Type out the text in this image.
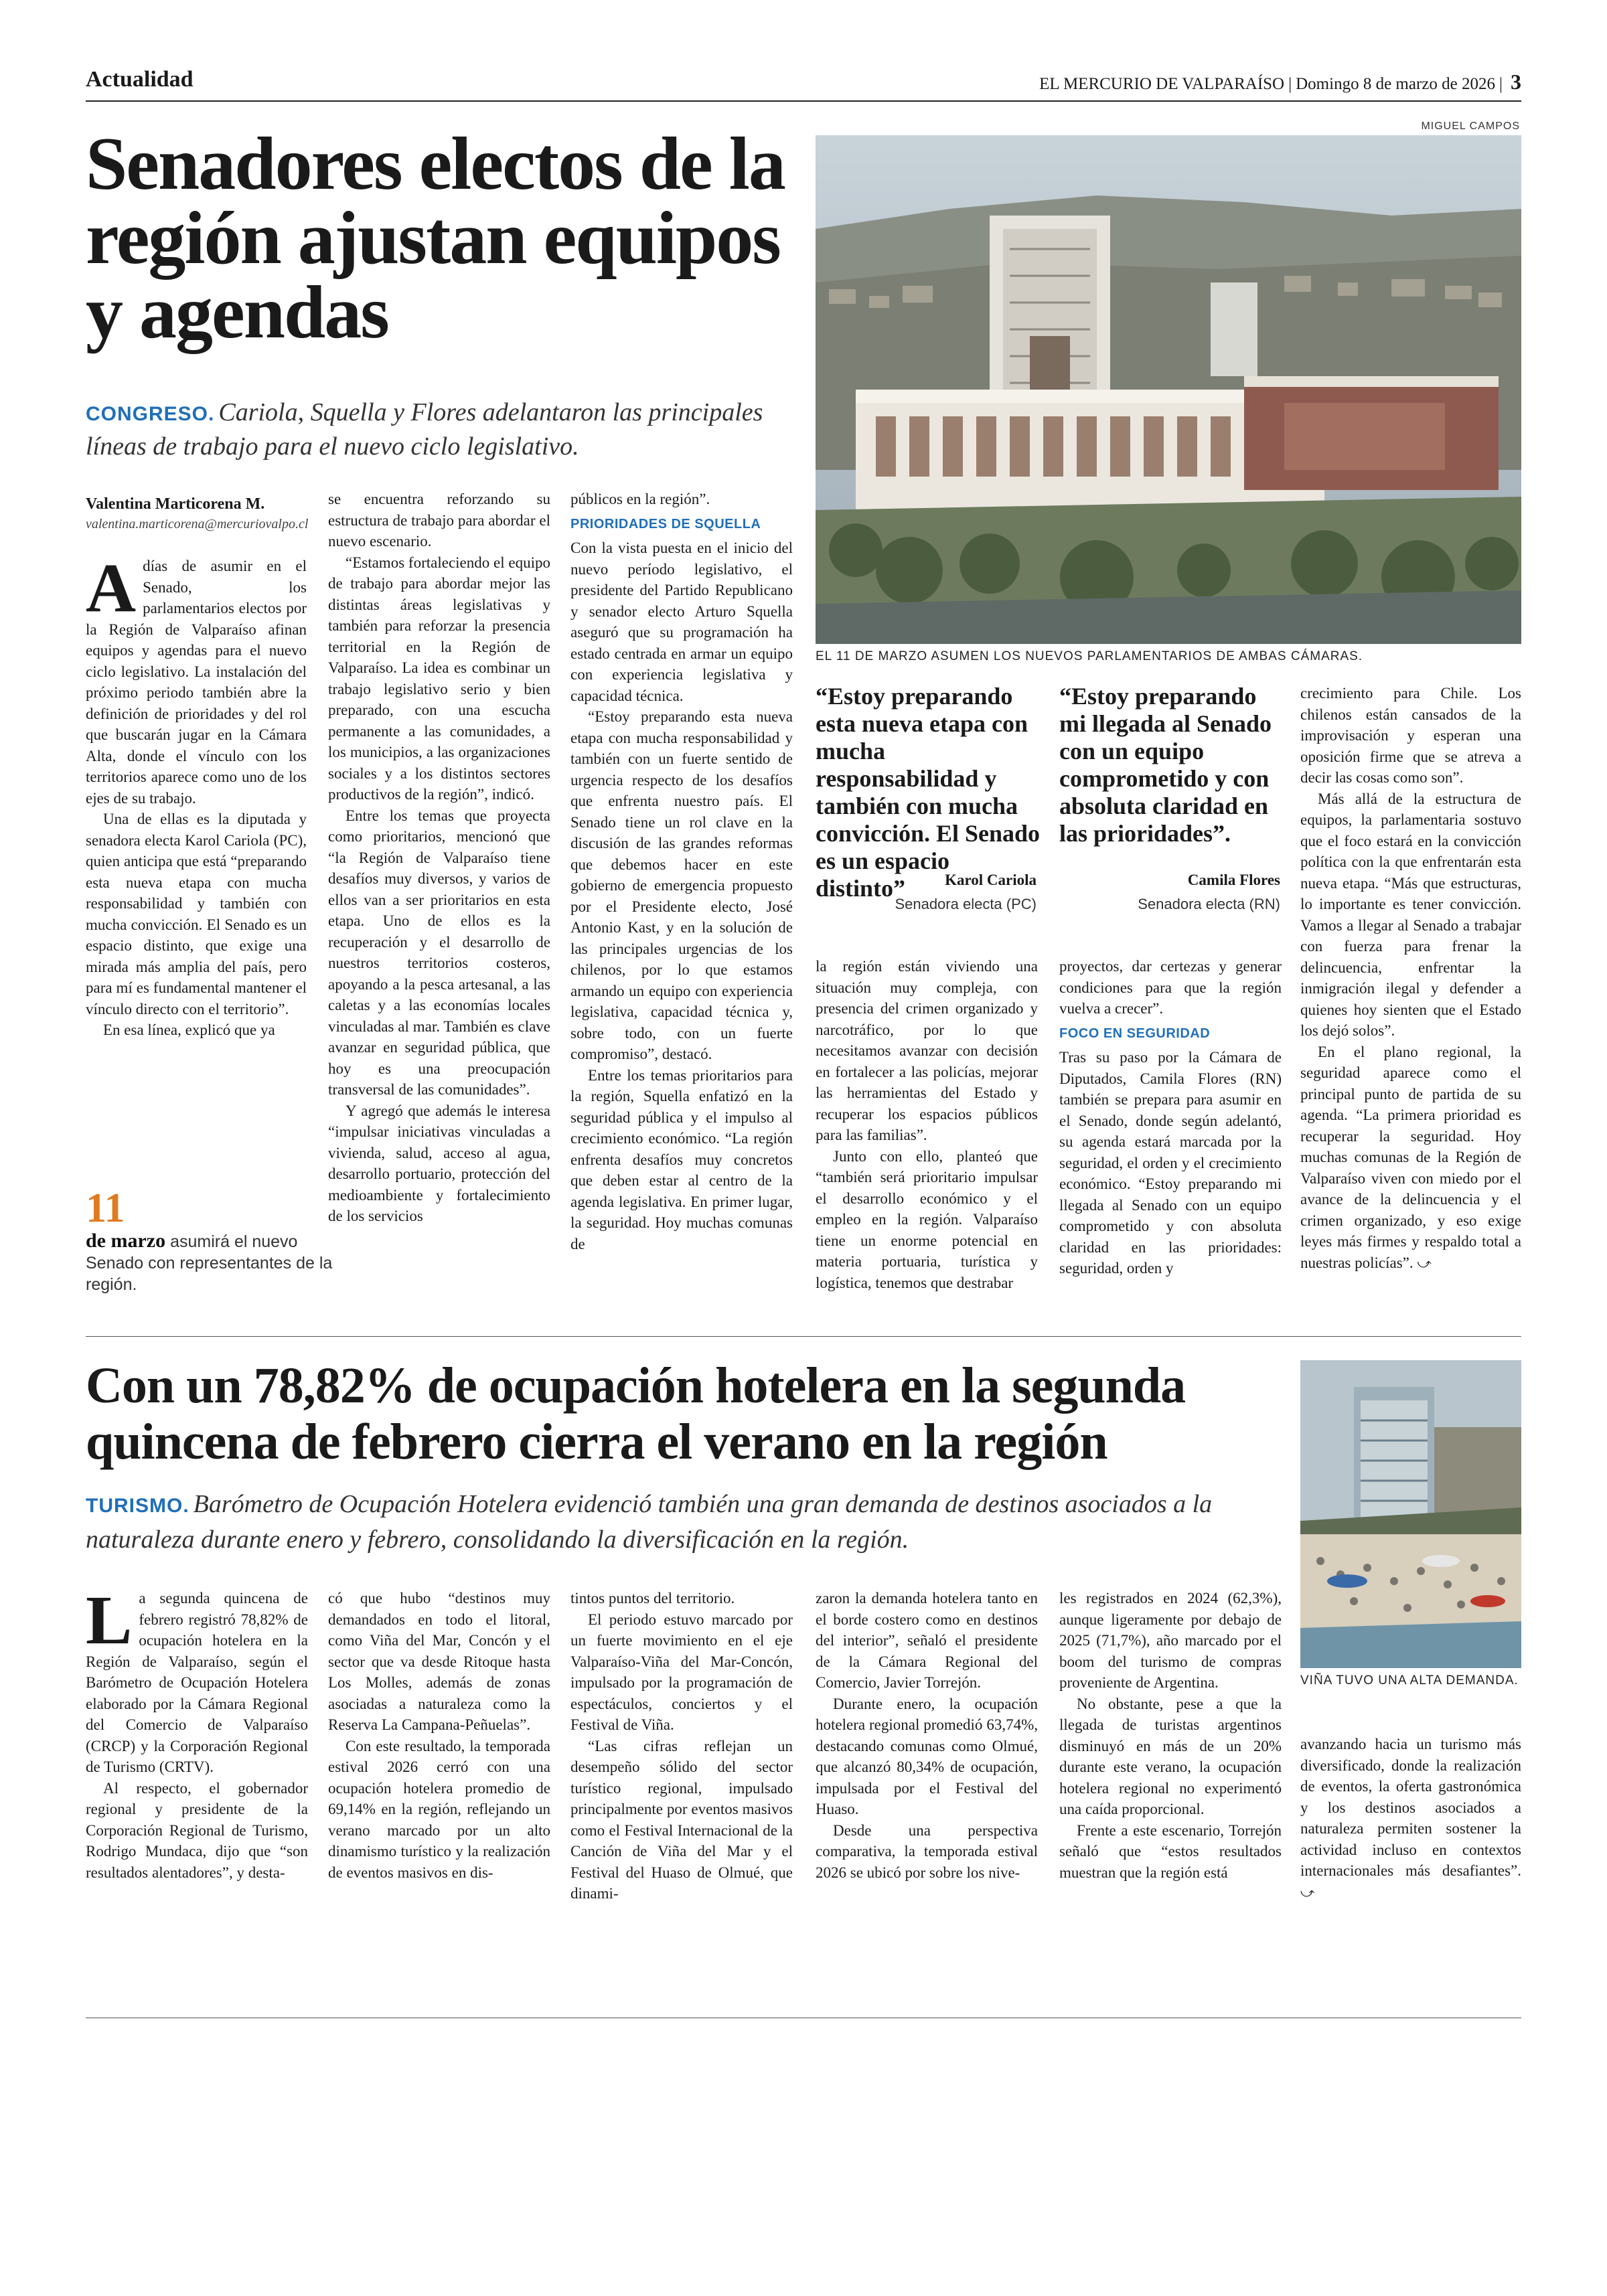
Actualidad	EL MERCURIO DE VALPARAÍSO | Domingo 8 de marzo de 2026 | 3
Senadores electos de la región ajustan equipos y agendas
CONGRESO. Cariola, Squella y Flores adelantaron las principales líneas de trabajo para el nuevo ciclo legislativo.
Valentina Marticorena M.
valentina.marticorena@mercuriovalpo.cl
MIGUEL CAMPOS
EL 11 DE MARZO ASUMEN LOS NUEVOS PARLAMENTARIOS DE AMBAS CÁMARAS.

Adías de asumir en el Senado, los parlamentarios electos por la Región de Valparaíso afinan equipos y agendas para el nuevo ciclo legislativo. La instalación del próximo periodo también abre la definición de prioridades y del rol que buscarán jugar en la Cámara Alta, donde el vínculo con los territorios aparece como uno de los ejes de su trabajo.

Una de ellas es la diputada y senadora electa Karol Cariola (PC), quien anticipa que está “preparando esta nueva etapa con mucha responsabilidad y también con mucha convicción. El Senado es un espacio distinto, que exige una mirada más amplia del país, pero para mí es fundamental mantener el vínculo directo con el territorio”.

En esa línea, explicó que ya

11
de marzo asumirá el nuevo Senado con representantes de la región.

se encuentra reforzando su estructura de trabajo para abordar el nuevo escenario.

“Estamos fortaleciendo el equipo de trabajo para abordar mejor las distintas áreas legislativas y también para reforzar la presencia territorial en la Región de Valparaíso. La idea es combinar un trabajo legislativo serio y bien preparado, con una escucha permanente a las comunidades, a los municipios, a las organizaciones sociales y a los distintos sectores productivos de la región”, indicó.

Entre los temas que proyecta como prioritarios, mencionó que “la Región de Valparaíso tiene desafíos muy diversos, y varios de ellos van a ser prioritarios en esta etapa. Uno de ellos es la recuperación y el desarrollo de nuestros territorios costeros, apoyando a la pesca artesanal, a las caletas y a las economías locales vinculadas al mar. También es clave avanzar en seguridad pública, que hoy es una preocupación transversal de las comunidades”.

Y agregó que además le interesa “impulsar iniciativas vinculadas a vivienda, salud, acceso al agua, desarrollo portuario, protección del medioambiente y fortalecimiento de los servicios

públicos en la región”.

PRIORIDADES DE SQUELLA

Con la vista puesta en el inicio del nuevo período legislativo, el presidente del Partido Republicano y senador electo Arturo Squella aseguró que su programación ha estado centrada en armar un equipo con experiencia legislativa y capacidad técnica.

“Estoy preparando esta nueva etapa con mucha responsabilidad y también con un fuerte sentido de urgencia respecto de los desafíos que enfrenta nuestro país. El Senado tiene un rol clave en la discusión de las grandes reformas que debemos hacer en este gobierno de emergencia propuesto por el Presidente electo, José Antonio Kast, y en la solución de las principales urgencias de los chilenos, por lo que estamos armando un equipo con experiencia legislativa, capacidad técnica y, sobre todo, con un fuerte compromiso”, destacó.

Entre los temas prioritarios para la región, Squella enfatizó en la seguridad pública y el impulso al crecimiento económico. “La región enfrenta desafíos muy concretos que deben estar al centro de la agenda legislativa. En primer lugar, la seguridad. Hoy muchas comunas de

“Estoy preparando esta nueva etapa con mucha responsabilidad y también con mucha convicción. El Senado es un espacio distinto”	Karol Cariola
Senadora electa (PC)
“Estoy preparando mi llegada al Senado con un equipo comprometido y con absoluta claridad en las prioridades”.
Camila Flores
Senadora electa (RN)

la región están viviendo una situación muy compleja, con presencia del crimen organizado y narcotráfico, por lo que necesitamos avanzar con decisión en fortalecer a las policías, mejorar las herramientas del Estado y recuperar los espacios públicos para las familias”.

Junto con ello, planteó que “también será prioritario impulsar el desarrollo económico y el empleo en la región. Valparaíso tiene un enorme potencial en materia portuaria, turística y logística, tenemos que destrabar

proyectos, dar certezas y generar condiciones para que la región vuelva a crecer”.

FOCO EN SEGURIDAD

Tras su paso por la Cámara de Diputados, Camila Flores (RN) también se prepara para asumir en el Senado, donde según adelantó, su agenda estará marcada por la seguridad, el orden y el crecimiento económico. “Estoy preparando mi llegada al Senado con un equipo comprometido y con absoluta claridad en las prioridades: seguridad, orden y

crecimiento para Chile. Los chilenos están cansados de la improvisación y esperan una oposición firme que se atreva a decir las cosas como son”.

Más allá de la estructura de equipos, la parlamentaria sostuvo que el foco estará en la convicción política con la que enfrentarán esta nueva etapa. “Más que estructuras, lo importante es tener convicción. Vamos a llegar al Senado a trabajar con fuerza para frenar la delincuencia, enfrentar la inmigración ilegal y defender a quienes hoy sienten que el Estado los dejó solos”.

En el plano regional, la seguridad aparece como el principal punto de partida de su agenda. “La primera prioridad es recuperar la seguridad. Hoy muchas comunas de la Región de Valparaíso viven con miedo por el avance de la delincuencia y el crimen organizado, y eso exige leyes más firmes y respaldo total a nuestras policías”. ⤻

Con un 78,82% de ocupación hotelera en la segunda quincena de febrero cierra el verano en la región
TURISMO. Barómetro de Ocupación Hotelera evidenció también una gran demanda de destinos asociados a la naturaleza durante enero y febrero, consolidando la diversificación en la región.
VIÑA TUVO UNA ALTA DEMANDA.

La segunda quincena de febrero registró 78,82% de ocupación hotelera en la Región de Valparaíso, según el Barómetro de Ocupación Hotelera elaborado por la Cámara Regional del Comercio de Valparaíso (CRCP) y la Corporación Regional de Turismo (CRTV).

Al respecto, el gobernador regional y presidente de la Corporación Regional de Turismo, Rodrigo Mundaca, dijo que “son resultados alentadores”, y desta-

có que hubo “destinos muy demandados en todo el litoral, como Viña del Mar, Concón y el sector que va desde Ritoque hasta Los Molles, además de zonas asociadas a naturaleza como la Reserva La Campana-Peñuelas”.

Con este resultado, la temporada estival 2026 cerró con una ocupación hotelera promedio de 69,14% en la región, reflejando un verano marcado por un alto dinamismo turístico y la realización de eventos masivos en dis-

tintos puntos del territorio.

El periodo estuvo marcado por un fuerte movimiento en el eje Valparaíso-Viña del Mar-Concón, impulsado por la programación de espectáculos, conciertos y el Festival de Viña.

“Las cifras reflejan un desempeño sólido del sector turístico regional, impulsado principalmente por eventos masivos como el Festival Internacional de la Canción de Viña del Mar y el Festival del Huaso de Olmué, que dinami-

zaron la demanda hotelera tanto en el borde costero como en destinos del interior”, señaló el presidente de la Cámara Regional del Comercio, Javier Torrejón.

Durante enero, la ocupación hotelera regional promedió 63,74%, destacando comunas como Olmué, que alcanzó 80,34% de ocupación, impulsada por el Festival del Huaso.

Desde una perspectiva comparativa, la temporada estival 2026 se ubicó por sobre los nive-

les registrados en 2024 (62,3%), aunque ligeramente por debajo de 2025 (71,7%), año marcado por el boom del turismo de compras proveniente de Argentina.

No obstante, pese a que la llegada de turistas argentinos disminuyó en más de un 20% durante este verano, la ocupación hotelera regional no experimentó una caída proporcional.

Frente a este escenario, Torrejón señaló que “estos resultados muestran que la región está

avanzando hacia un turismo más diversificado, donde la realización de eventos, la oferta gastronómica y los destinos asociados a naturaleza permiten sostener la actividad incluso en contextos internacionales más desafiantes”. ⤻
